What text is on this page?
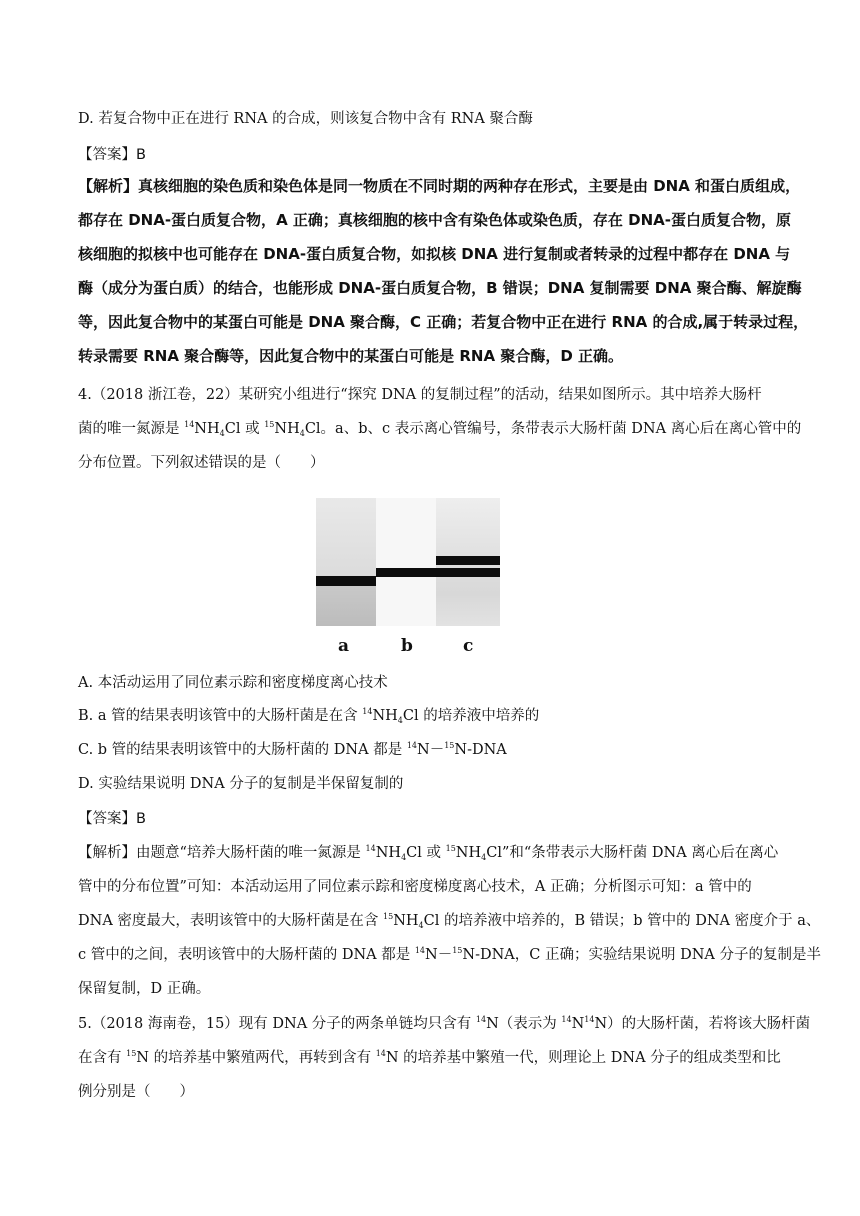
D. 若复合物中正在进行 RNA 的合成，则该复合物中含有 RNA 聚合酶
【答案】B
【解析】真核细胞的染色质和染色体是同一物质在不同时期的两种存在形式，主要是由 DNA 和蛋白质组成，
都存在 DNA-蛋白质复合物，A 正确；真核细胞的核中含有染色体或染色质，存在 DNA-蛋白质复合物，原
核细胞的拟核中也可能存在 DNA-蛋白质复合物，如拟核 DNA 进行复制或者转录的过程中都存在 DNA 与
酶（成分为蛋白质）的结合，也能形成 DNA-蛋白质复合物，B 错误；DNA 复制需要 DNA 聚合酶、解旋酶
等，因此复合物中的某蛋白可能是 DNA 聚合酶，C 正确；若复合物中正在进行 RNA 的合成,属于转录过程，
转录需要 RNA 聚合酶等，因此复合物中的某蛋白可能是 RNA 聚合酶，D 正确。
4.（2018 浙江卷，22）某研究小组进行“探究 DNA 的复制过程”的活动，结果如图所示。其中培养大肠杆
菌的唯一氮源是 $^{14}NH_4Cl$ 或 $^{15}NH_4Cl$。a、b、c 表示离心管编号，条带表示大肠杆菌 DNA 离心后在离心管中的
分布位置。下列叙述错误的是（　　）
a	b	c
A. 本活动运用了同位素示踪和密度梯度离心技术
B. a 管的结果表明该管中的大肠杆菌是在含 $^{14}NH_4Cl$ 的培养液中培养的
C. b 管的结果表明该管中的大肠杆菌的 DNA 都是 $^{14}$N－$^{15}$N-DNA
D. 实验结果说明 DNA 分子的复制是半保留复制的
【答案】B
【解析】由题意“培养大肠杆菌的唯一氮源是 $^{14}NH_4Cl$ 或 $^{15}NH_4Cl$”和“条带表示大肠杆菌 DNA 离心后在离心
管中的分布位置”可知：本活动运用了同位素示踪和密度梯度离心技术，A 正确；分析图示可知：a 管中的
DNA 密度最大，表明该管中的大肠杆菌是在含 $^{15}NH_4Cl$ 的培养液中培养的，B 错误；b 管中的 DNA 密度介于 a、
c 管中的之间，表明该管中的大肠杆菌的 DNA 都是 $^{14}$N－$^{15}$N-DNA，C 正确；实验结果说明 DNA 分子的复制是半
保留复制，D 正确。
5.（2018 海南卷，15）现有 DNA 分子的两条单链均只含有 $^{14}$N（表示为 $^{14}N^{14}N$）的大肠杆菌，若将该大肠杆菌
在含有 $^{15}$N 的培养基中繁殖两代，再转到含有 $^{14}$N 的培养基中繁殖一代，则理论上 DNA 分子的组成类型和比
例分别是（　　）
